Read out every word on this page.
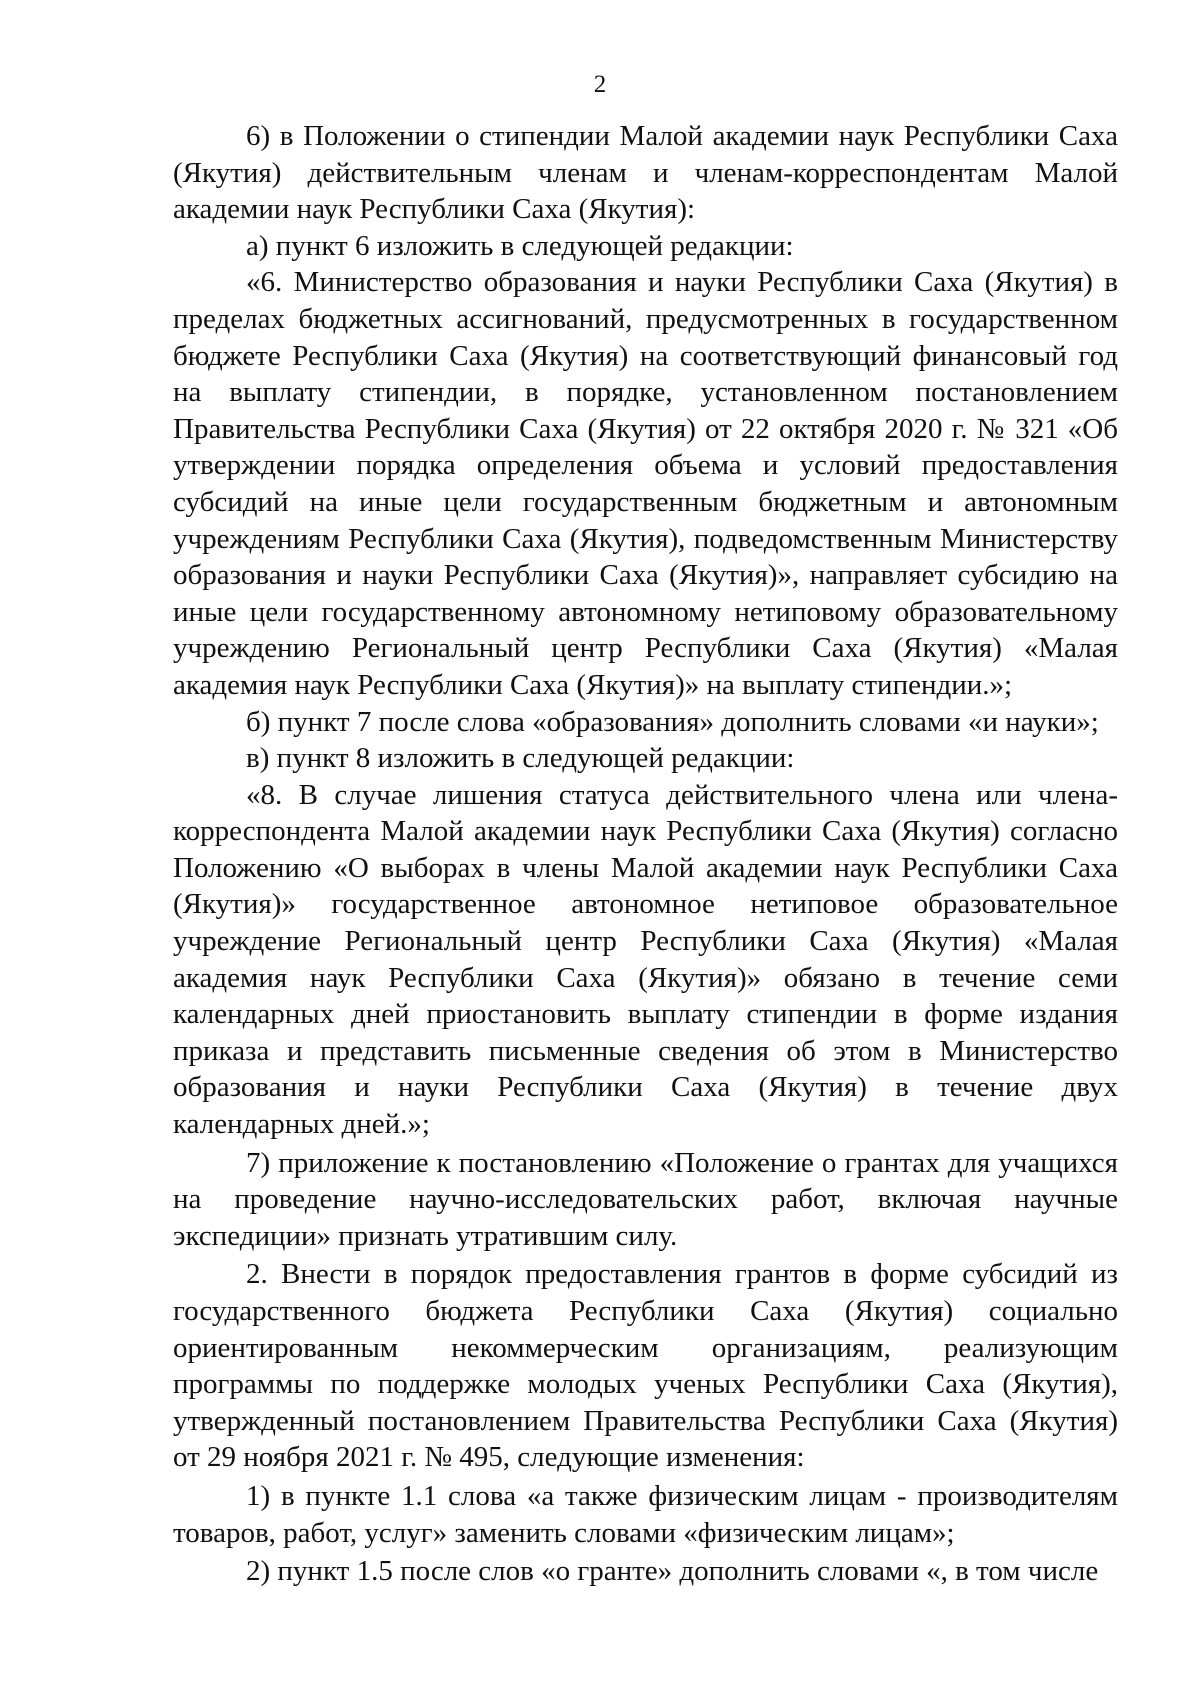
2

6) в Положении о стипендии Малой академии наук Республики Саха (Якутия) действительным членам и членам-корреспондентам Малой академии наук Республики Саха (Якутия):

а) пункт 6 изложить в следующей редакции:

«6. Министерство образования и науки Республики Саха (Якутия) в пределах бюджетных ассигнований, предусмотренных в государственном бюджете Республики Саха (Якутия) на соответствующий финансовый год на выплату стипендии, в порядке, установленном постановлением Правительства Республики Саха (Якутия) от 22 октября 2020 г. № 321 «Об утверждении порядка определения объема и условий предоставления субсидий на иные цели государственным бюджетным и автономным учреждениям Республики Саха (Якутия), подведомственным Министерству образования и науки Республики Саха (Якутия)», направляет субсидию на иные цели государственному автономному нетиповому образовательному учреждению Региональный центр Республики Саха (Якутия) «Малая академия наук Республики Саха (Якутия)» на выплату стипендии.»;

б) пункт 7 после слова «образования» дополнить словами «и науки»;

в) пункт 8 изложить в следующей редакции:

«8. В случае лишения статуса действительного члена или члена-корреспондента Малой академии наук Республики Саха (Якутия) согласно Положению «О выборах в члены Малой академии наук Республики Саха (Якутия)» государственное автономное нетиповое образовательное учреждение Региональный центр Республики Саха (Якутия) «Малая академия наук Республики Саха (Якутия)» обязано в течение семи календарных дней приостановить выплату стипендии в форме издания приказа и представить письменные сведения об этом в Министерство образования и науки Республики Саха (Якутия) в течение двух календарных дней.»;

7) приложение к постановлению «Положение о грантах для учащихся на проведение научно-исследовательских работ, включая научные экспедиции» признать утратившим силу.

2. Внести в порядок предоставления грантов в форме субсидий из государственного бюджета Республики Саха (Якутия) социально ориентированным некоммерческим организациям, реализующим программы по поддержке молодых ученых Республики Саха (Якутия), утвержденный постановлением Правительства Республики Саха (Якутия) от 29 ноября 2021 г. № 495, следующие изменения:

1) в пункте 1.1 слова «а также физическим лицам - производителям товаров, работ, услуг» заменить словами «физическим лицам»;

2) пункт 1.5 после слов «о гранте» дополнить словами «, в том числе
